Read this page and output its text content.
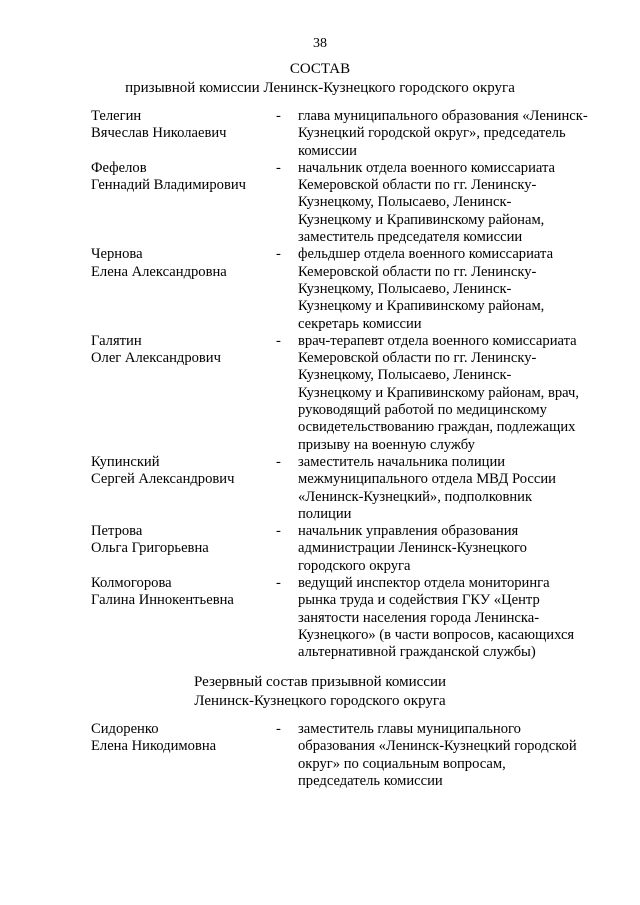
38
СОСТАВ
призывной комиссии Ленинск-Кузнецкого городского округа
Телегин
Вячеслав Николаевич
- глава муниципального образования «Ленинск-
Кузнецкий городской округ», председатель
комиссии
Фефелов
Геннадий Владимирович
- начальник отдела военного комиссариата
Кемеровской области по гг. Ленинску-
Кузнецкому, Полысаево, Ленинск-
Кузнецкому и Крапивинскому районам,
заместитель председателя комиссии
Чернова
Елена Александровна
- фельдшер отдела военного комиссариата
Кемеровской области по гг. Ленинску-
Кузнецкому, Полысаево, Ленинск-
Кузнецкому и Крапивинскому районам,
секретарь комиссии
Галятин
Олег Александрович
- врач-терапевт отдела военного комиссариата
Кемеровской области по гг. Ленинску-
Кузнецкому, Полысаево, Ленинск-
Кузнецкому и Крапивинскому районам, врач,
руководящий работой по медицинскому
освидетельствованию граждан, подлежащих
призыву на военную службу
Купинский
Сергей Александрович
- заместитель начальника полиции
межмуниципального отдела МВД России
«Ленинск-Кузнецкий», подполковник
полиции
Петрова
Ольга Григорьевна
- начальник управления образования
администрации Ленинск-Кузнецкого
городского округа
Колмогорова
Галина Иннокентьевна
- ведущий инспектор отдела мониторинга
рынка труда и содействия ГКУ «Центр
занятости населения города Ленинска-
Кузнецкого» (в части вопросов, касающихся
альтернативной гражданской службы)
Резервный состав призывной комиссии
Ленинск-Кузнецкого городского округа
Сидоренко
Елена Никодимовна
- заместитель главы муниципального
образования «Ленинск-Кузнецкий городской
округ» по социальным вопросам,
председатель комиссии
